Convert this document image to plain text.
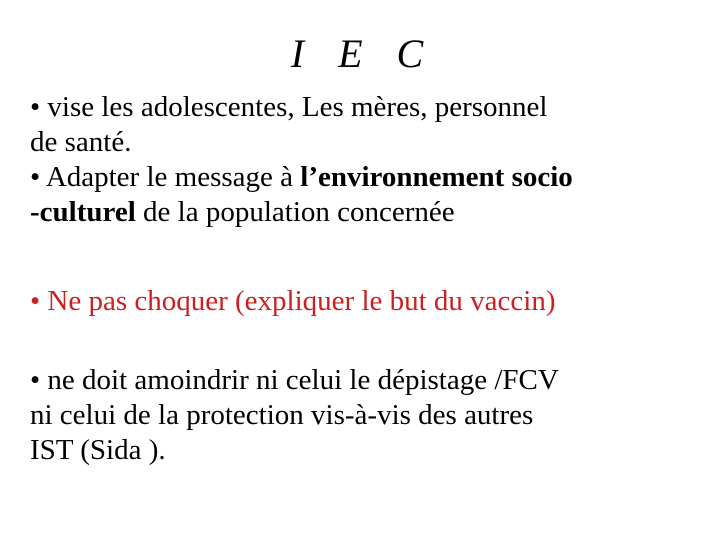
I E C
• vise les adolescentes, Les mères, personnel
de santé.
• Adapter le message à l’environnement socio
-culturel de la population concernée
• Ne pas choquer (expliquer le but du vaccin)
• ne doit amoindrir ni celui le dépistage /FCV
ni celui de la protection vis-à-vis des autres
IST (Sida ).
